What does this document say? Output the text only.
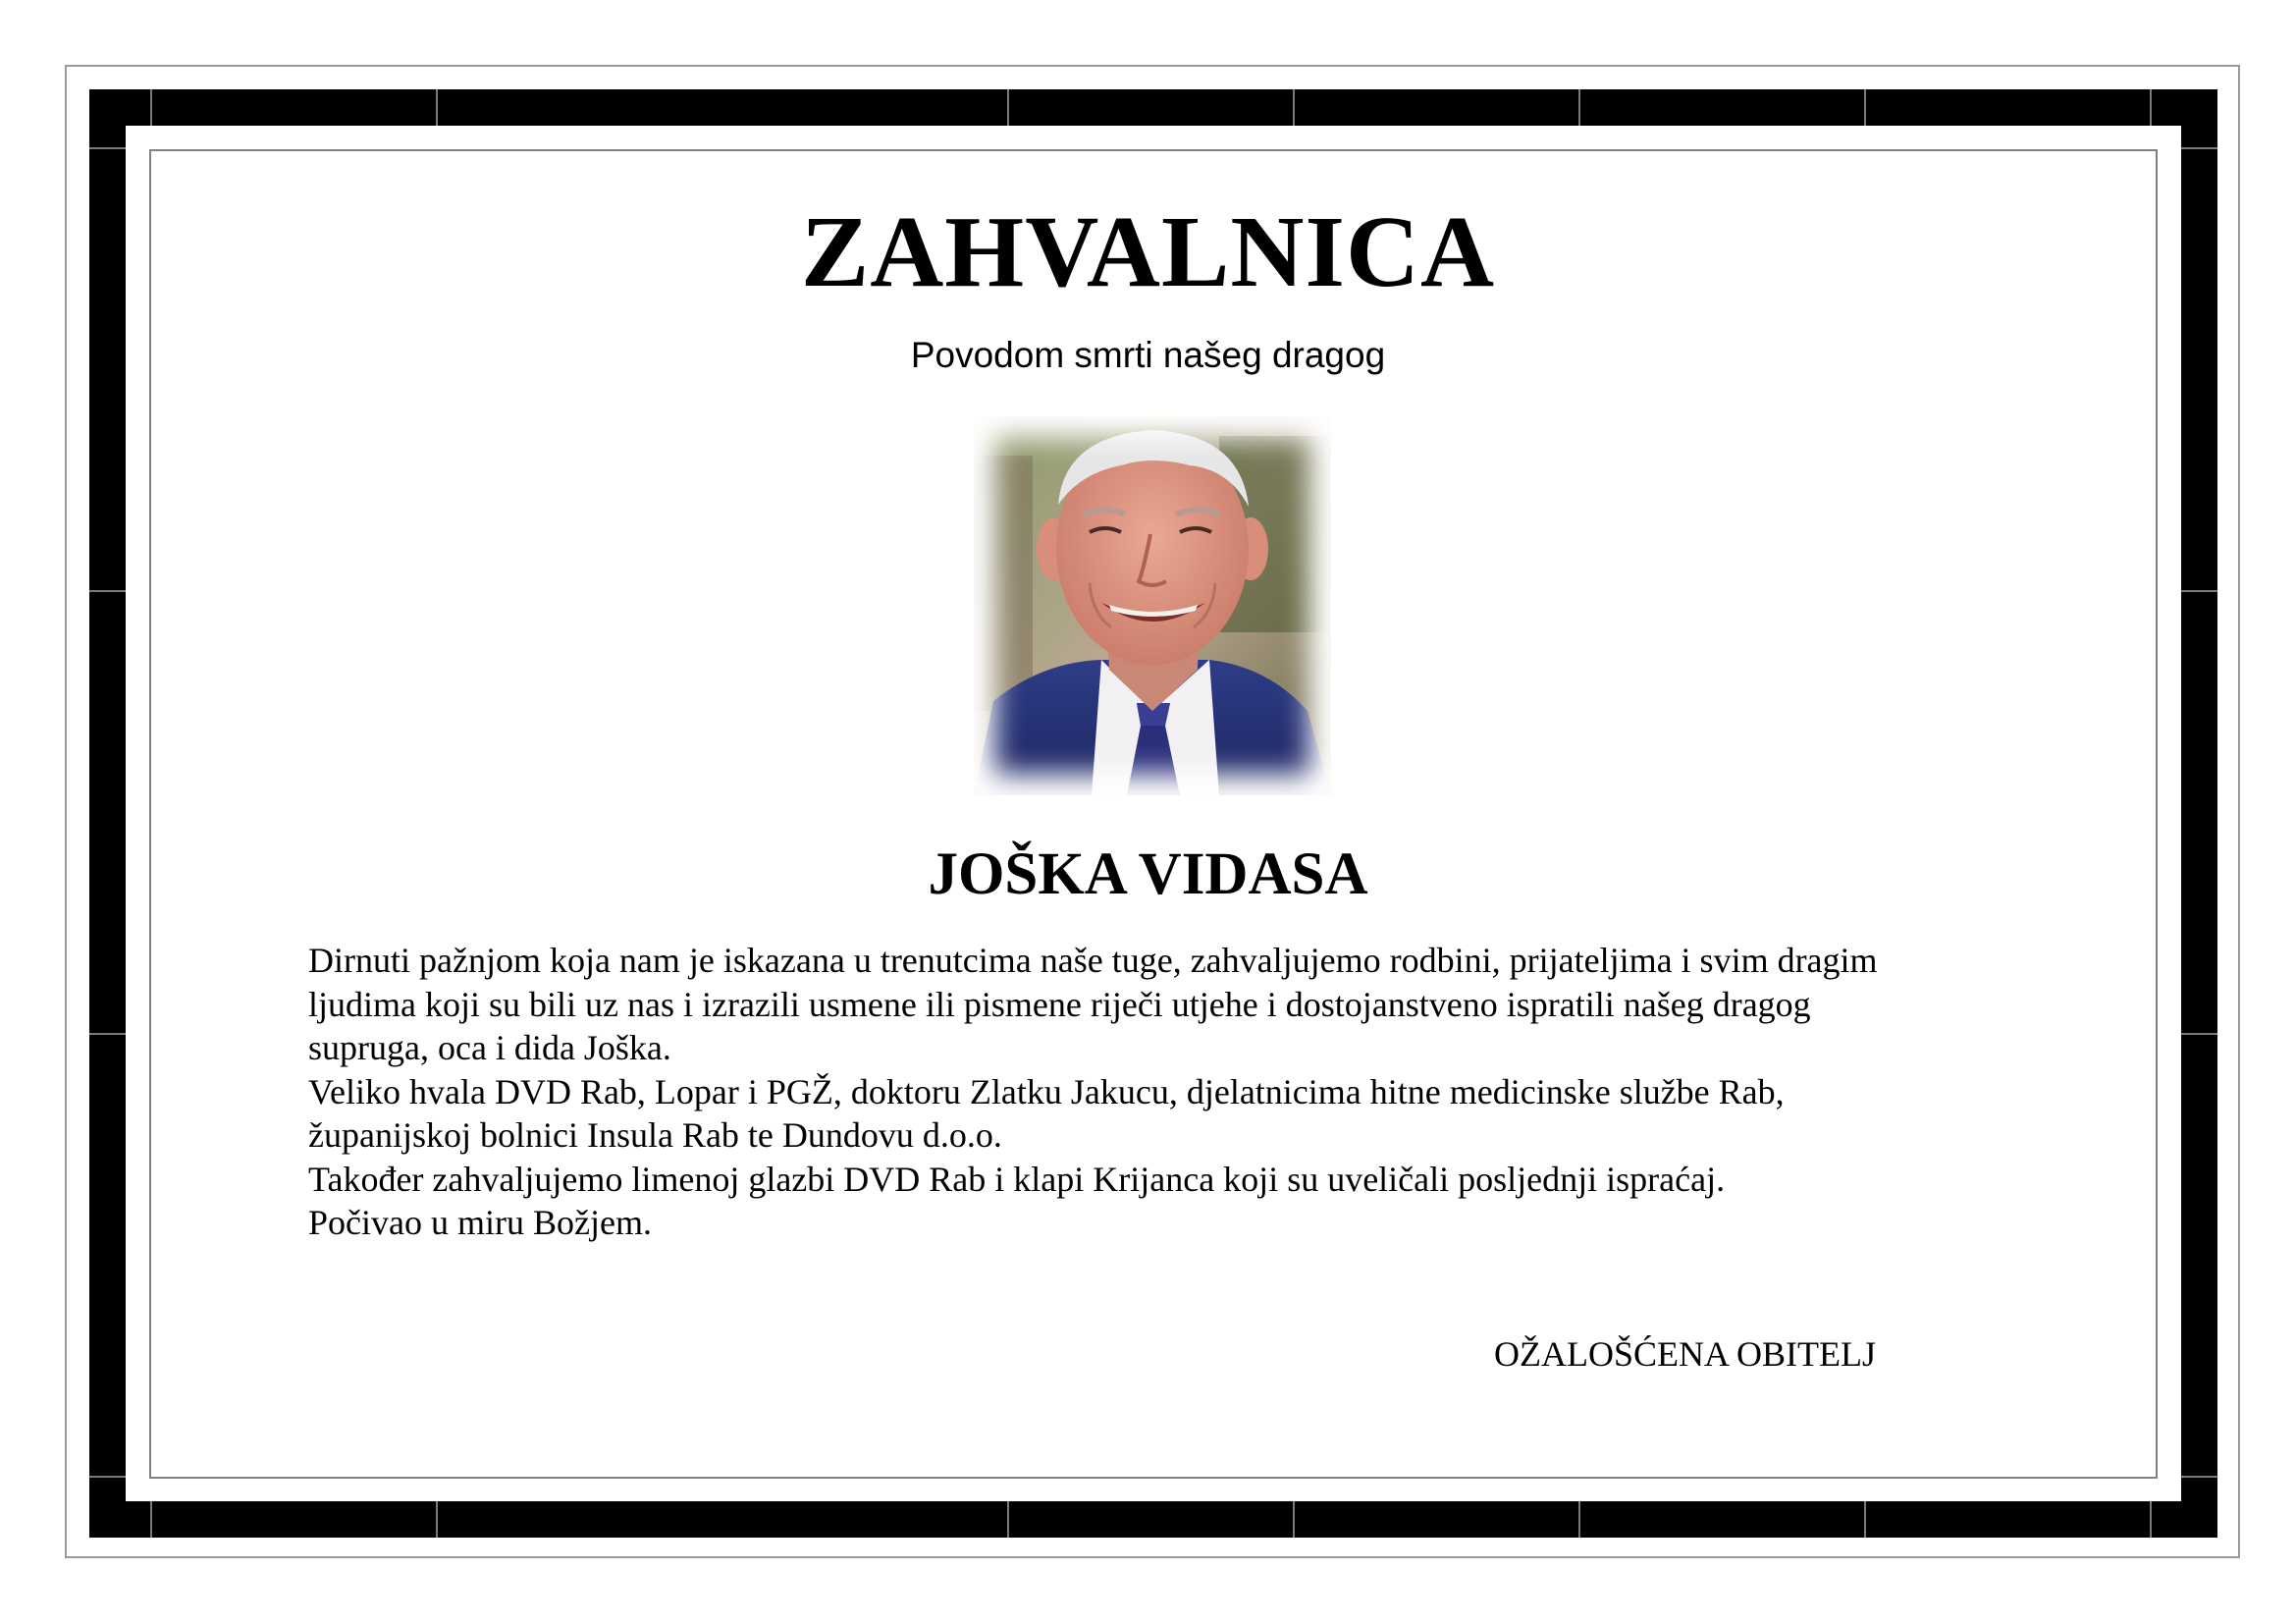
ZAHVALNICA
Povodom smrti našeg dragog
JOŠKA VIDASA

Dirnuti pažnjom koja nam je iskazana u trenutcima naše tuge, zahvaljujemo rodbini, prijateljima i svim dragim
ljudima koji su bili uz nas i izrazili usmene ili pismene riječi utjehe i dostojanstveno ispratili našeg dragog
supruga, oca i dida Joška.

Veliko hvala DVD Rab, Lopar i PGŽ, doktoru Zlatku Jakucu, djelatnicima hitne medicinske službe Rab,
županijskoj bolnici Insula Rab te Dundovu d.o.o.

Također zahvaljujemo limenoj glazbi DVD Rab i klapi Krijanca koji su uveličali posljednji ispraćaj.

Počivao u miru Božjem.

OŽALOŠĆENA OBITELJ
